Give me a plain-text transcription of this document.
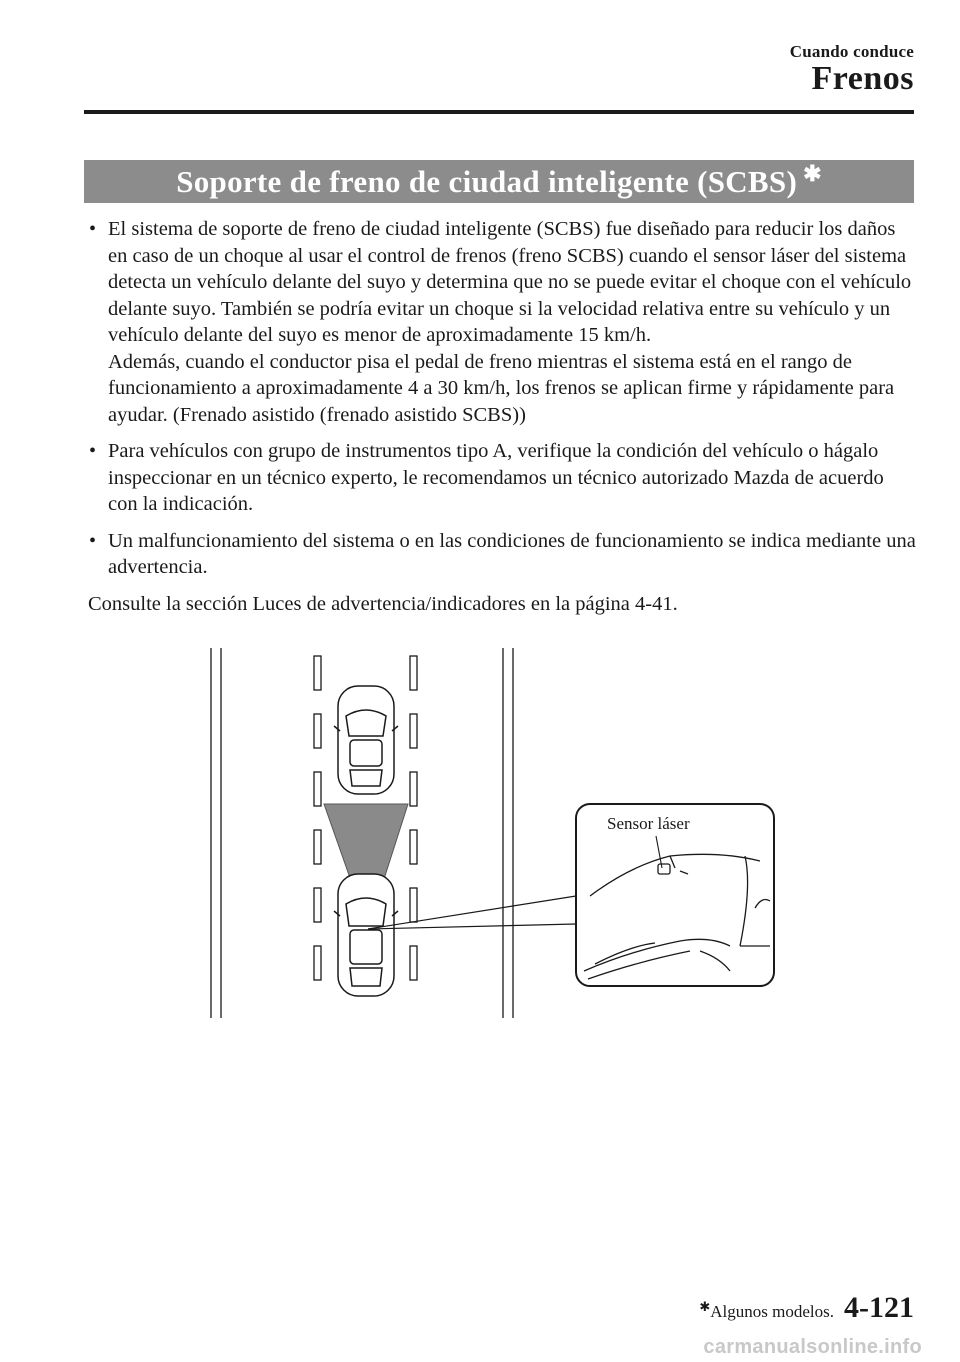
Cuando conduce
Frenos
Soporte de freno de ciudad inteligente (SCBS) ✱
• El sistema de soporte de freno de ciudad inteligente (SCBS) fue diseñado para reducir los daños en caso de un choque al usar el control de frenos (freno SCBS) cuando el sensor láser del sistema detecta un vehículo delante del suyo y determina que no se puede evitar el choque con el vehículo delante suyo. También se podría evitar un choque si la velocidad relativa entre su vehículo y un vehículo delante del suyo es menor de aproximadamente 15 km/h.

Además, cuando el conductor pisa el pedal de freno mientras el sistema está en el rango de funcionamiento a aproximadamente 4 a 30 km/h, los frenos se aplican firme y rápidamente para ayudar. (Frenado asistido (frenado asistido SCBS))

• Para vehículos con grupo de instrumentos tipo A, verifique la condición del vehículo o hágalo inspeccionar en un técnico experto, le recomendamos un técnico autorizado Mazda de acuerdo con la indicación.

• Un malfuncionamiento del sistema o en las condiciones de funcionamiento se indica mediante una advertencia.

Consulte la sección Luces de advertencia/indicadores en la página 4-41.

Sensor láser
✱Algunos modelos. 4-121
carmanualsonline.info
